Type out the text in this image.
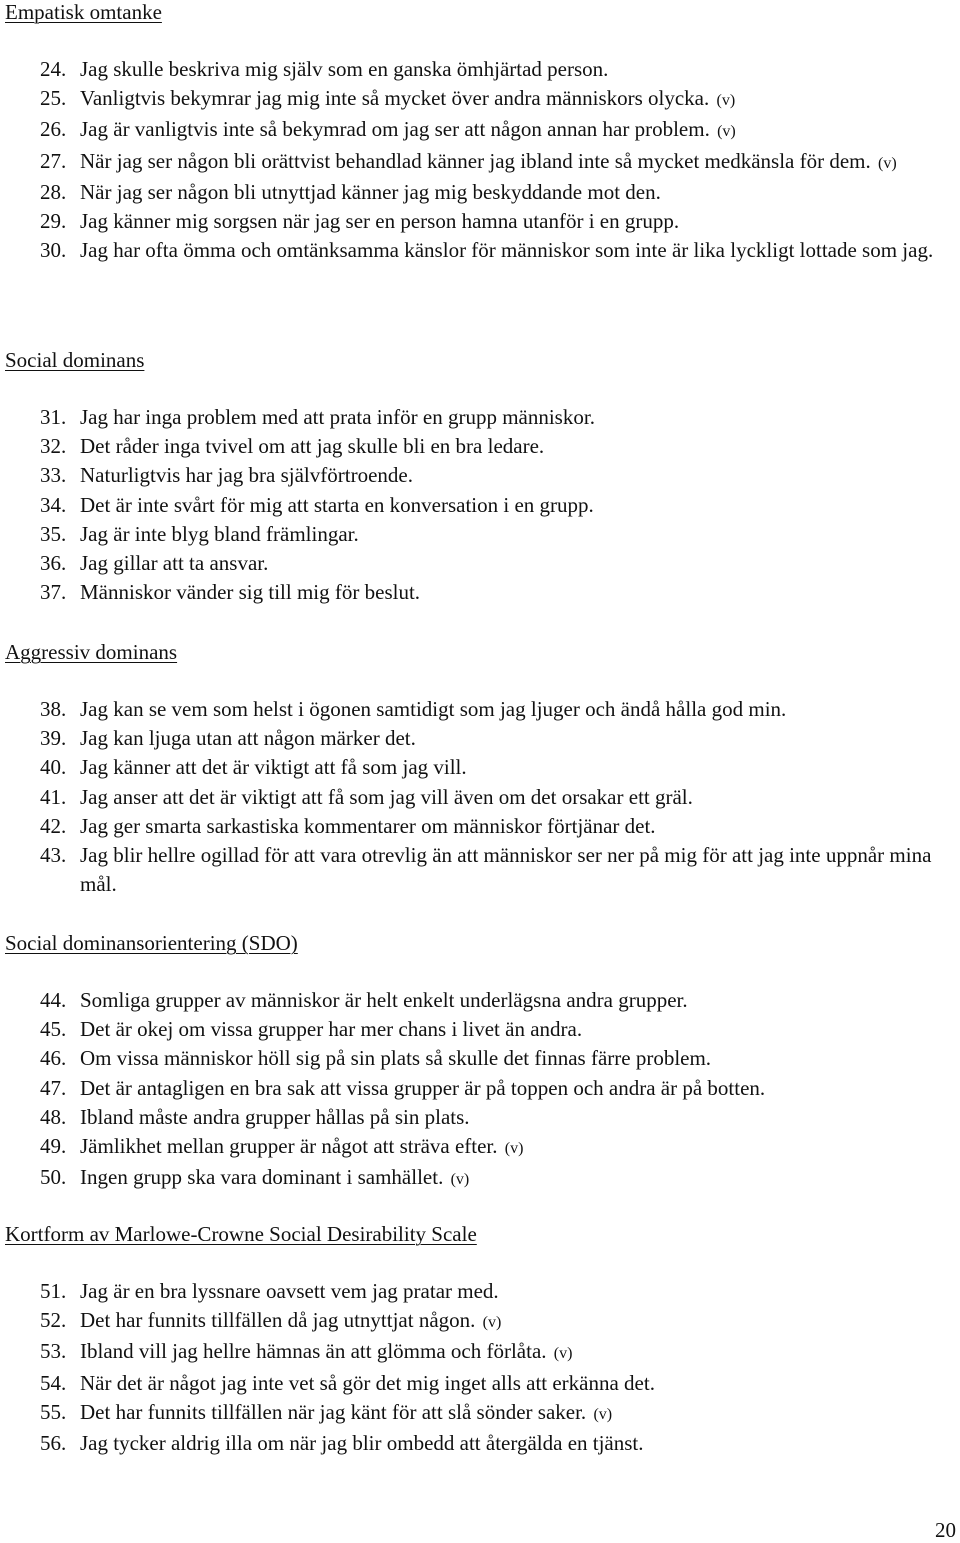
Empatisk omtanke
24. Jag skulle beskriva mig själv som en ganska ömhjärtad person.
25. Vanligtvis bekymrar jag mig inte så mycket över andra människors olycka. (v)
26. Jag är vanligtvis inte så bekymrad om jag ser att någon annan har problem. (v)
27. När jag ser någon bli orättvist behandlad känner jag ibland inte så mycket medkänsla för dem. (v)
28. När jag ser någon bli utnyttjad känner jag mig beskyddande mot den.
29. Jag känner mig sorgsen när jag ser en person hamna utanför i en grupp.
30. Jag har ofta ömma och omtänksamma känslor för människor som inte är lika lyckligt lottade som jag.
Social dominans
31. Jag har inga problem med att prata inför en grupp människor.
32. Det råder inga tvivel om att jag skulle bli en bra ledare.
33. Naturligtvis har jag bra självförtroende.
34. Det är inte svårt för mig att starta en konversation i en grupp.
35. Jag är inte blyg bland främlingar.
36. Jag gillar att ta ansvar.
37. Människor vänder sig till mig för beslut.
Aggressiv dominans
38. Jag kan se vem som helst i ögonen samtidigt som jag ljuger och ändå hålla god min.
39. Jag kan ljuga utan att någon märker det.
40. Jag känner att det är viktigt att få som jag vill.
41. Jag anser att det är viktigt att få som jag vill även om det orsakar ett gräl.
42. Jag ger smarta sarkastiska kommentarer om människor förtjänar det.
43. Jag blir hellre ogillad för att vara otrevlig än att människor ser ner på mig för att jag inte uppnår mina mål.
Social dominansorientering (SDO)
44. Somliga grupper av människor är helt enkelt underlägsna andra grupper.
45. Det är okej om vissa grupper har mer chans i livet än andra.
46. Om vissa människor höll sig på sin plats så skulle det finnas färre problem.
47. Det är antagligen en bra sak att vissa grupper är på toppen och andra är på botten.
48. Ibland måste andra grupper hållas på sin plats.
49. Jämlikhet mellan grupper är något att sträva efter. (v)
50. Ingen grupp ska vara dominant i samhället. (v)
Kortform av Marlowe-Crowne Social Desirability Scale
51. Jag är en bra lyssnare oavsett vem jag pratar med.
52. Det har funnits tillfällen då jag utnyttjat någon. (v)
53. Ibland vill jag hellre hämnas än att glömma och förlåta. (v)
54. När det är något jag inte vet så gör det mig inget alls att erkänna det.
55. Det har funnits tillfällen när jag känt för att slå sönder saker. (v)
56. Jag tycker aldrig illa om när jag blir ombedd att återgälda en tjänst.
20
